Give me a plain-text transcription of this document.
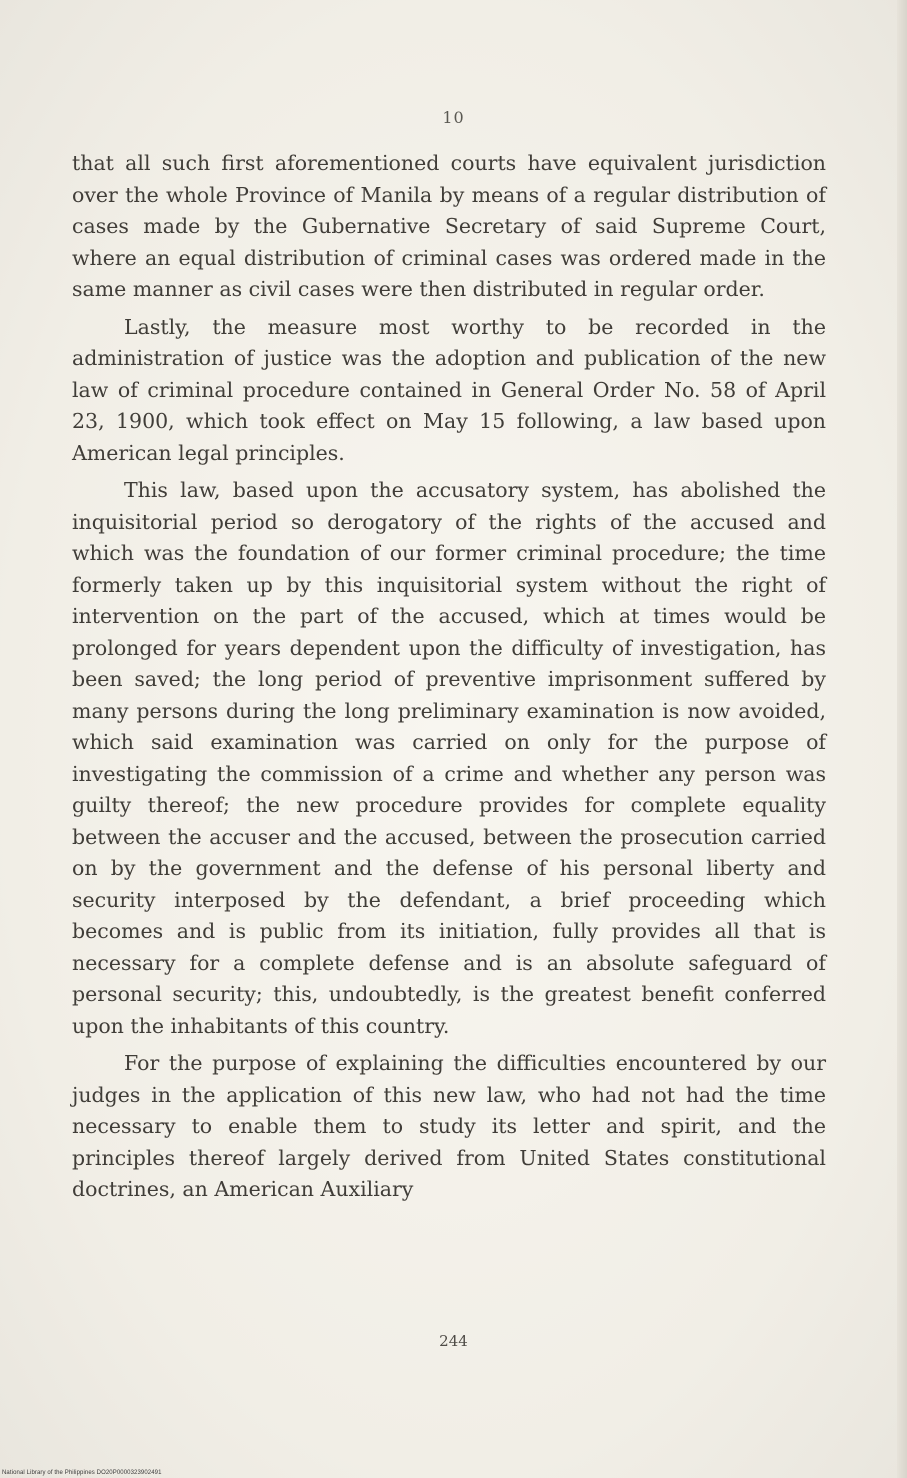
10

that all such first aforementioned courts have equivalent jurisdiction over the whole Province of Manila by means of a regular distribution of cases made by the Gubernative Secretary of said Supreme Court, where an equal distribution of criminal cases was ordered made in the same manner as civil cases were then distributed in regular order.

Lastly, the measure most worthy to be recorded in the administration of justice was the adoption and publication of the new law of criminal procedure contained in General Order No. 58 of April 23, 1900, which took effect on May 15 following, a law based upon American legal principles.

This law, based upon the accusatory system, has abolished the inquisitorial period so derogatory of the rights of the accused and which was the foundation of our former criminal procedure; the time formerly taken up by this inquisitorial system without the right of intervention on the part of the accused, which at times would be prolonged for years dependent upon the difficulty of investigation, has been saved; the long period of preventive imprisonment suffered by many persons during the long preliminary examination is now avoided, which said examination was carried on only for the purpose of investigating the commission of a crime and whether any person was guilty thereof; the new procedure provides for complete equality between the accuser and the accused, between the prosecution carried on by the government and the defense of his personal liberty and security interposed by the defendant, a brief proceeding which becomes and is public from its initiation, fully provides all that is necessary for a complete defense and is an absolute safeguard of personal security; this, undoubtedly, is the greatest benefit conferred upon the inhabitants of this country.

For the purpose of explaining the difficulties encountered by our judges in the application of this new law, who had not had the time necessary to enable them to study its letter and spirit, and the principles thereof largely derived from United States constitutional doctrines, an American Auxiliary

244
National Library of the Philippines DO20P0000323902491
